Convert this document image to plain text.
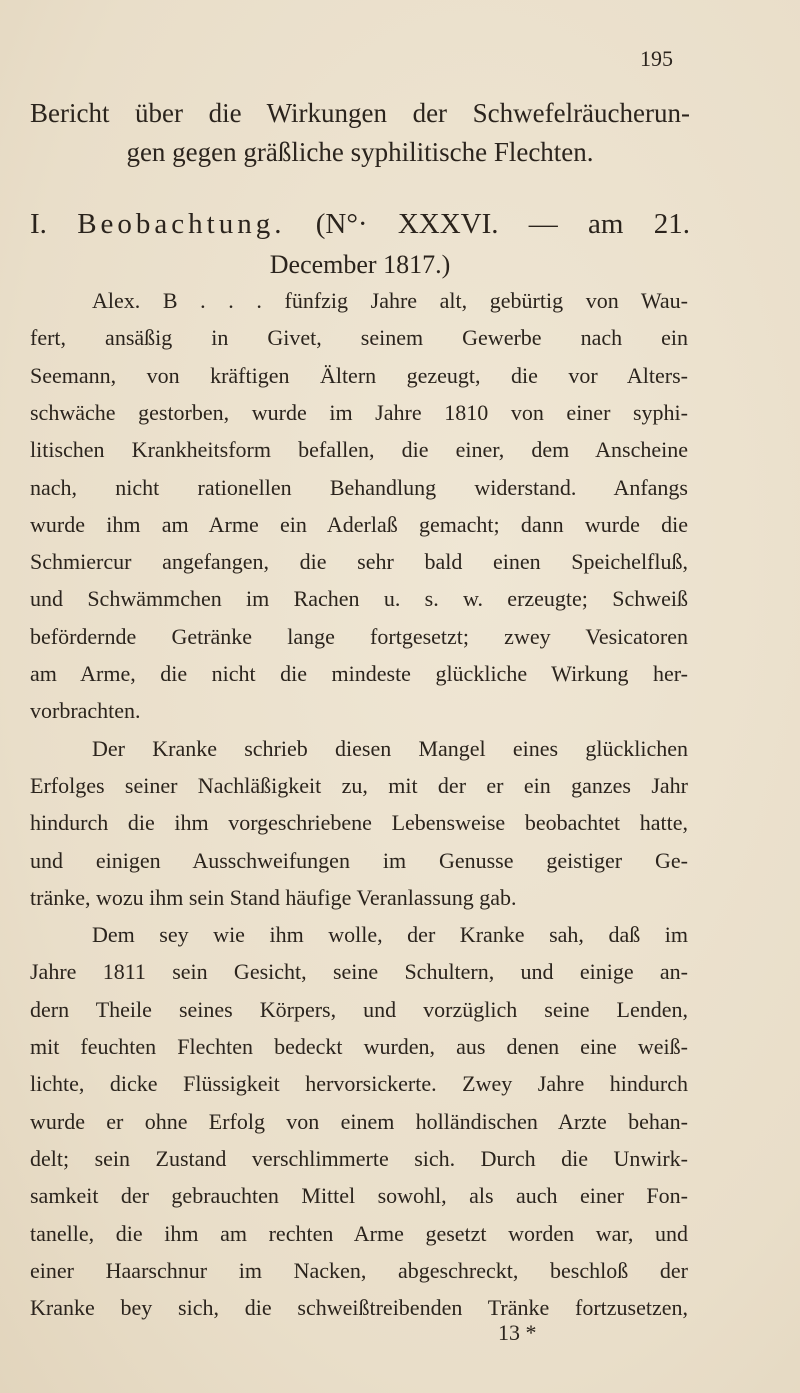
195
Bericht über die Wirkungen der Schwefelräucherun-
gen gegen gräßliche syphilitische Flechten.
I. Beobachtung. (N°· XXXVI. — am 21.
December 1817.)
Alex. B . . . fünfzig Jahre alt, gebürtig von Wau-
fert, ansäßig in Givet, seinem Gewerbe nach ein
Seemann, von kräftigen Ältern gezeugt, die vor Alters-
schwäche gestorben, wurde im Jahre 1810 von einer syphi-
litischen Krankheitsform befallen, die einer, dem Anscheine
nach, nicht rationellen Behandlung widerstand. Anfangs
wurde ihm am Arme ein Aderlaß gemacht; dann wurde die
Schmiercur angefangen, die sehr bald einen Speichelfluß,
und Schwämmchen im Rachen u. s. w. erzeugte; Schweiß
befördernde Getränke lange fortgesetzt; zwey Vesicatoren
am Arme, die nicht die mindeste glückliche Wirkung her-
vorbrachten.
Der Kranke schrieb diesen Mangel eines glücklichen
Erfolges seiner Nachläßigkeit zu, mit der er ein ganzes Jahr
hindurch die ihm vorgeschriebene Lebensweise beobachtet hatte,
und einigen Ausschweifungen im Genusse geistiger Ge-
tränke, wozu ihm sein Stand häufige Veranlassung gab.
Dem sey wie ihm wolle, der Kranke sah, daß im
Jahre 1811 sein Gesicht, seine Schultern, und einige an-
dern Theile seines Körpers, und vorzüglich seine Lenden,
mit feuchten Flechten bedeckt wurden, aus denen eine weiß-
lichte, dicke Flüssigkeit hervorsickerte. Zwey Jahre hindurch
wurde er ohne Erfolg von einem holländischen Arzte behan-
delt; sein Zustand verschlimmerte sich. Durch die Unwirk-
samkeit der gebrauchten Mittel sowohl, als auch einer Fon-
tanelle, die ihm am rechten Arme gesetzt worden war, und
einer Haarschnur im Nacken, abgeschreckt, beschloß der
Kranke bey sich, die schweißtreibenden Tränke fortzusetzen,
13 *
